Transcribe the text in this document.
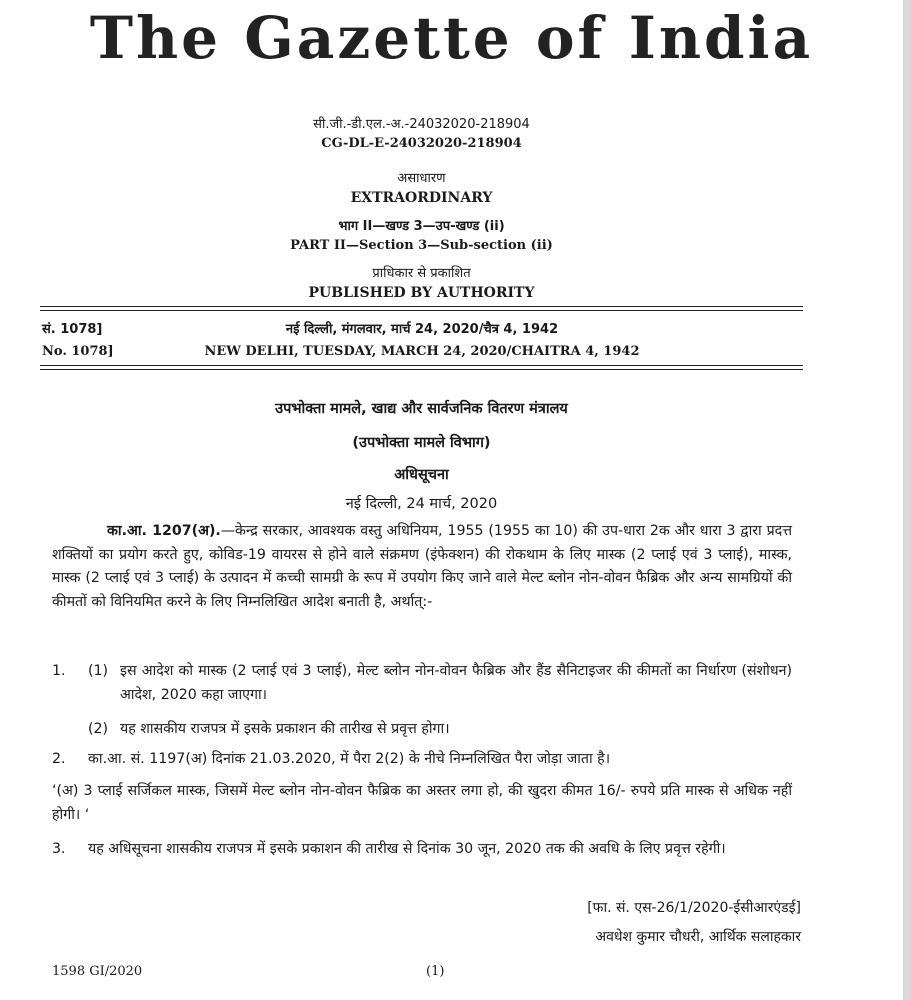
The Gazette of India
सी.जी.-डी.एल.-अ.-24032020-218904
CG-DL-E-24032020-218904
असाधारण
EXTRAORDINARY
भाग II—खण्ड 3—उप-खण्ड (ii)
PART II—Section 3—Sub-section (ii)
प्राधिकार से प्रकाशित
PUBLISHED BY AUTHORITY
सं. 1078]	नई दिल्ली, मंगलवार, मार्च 24, 2020/चैत्र 4, 1942
No. 1078]	NEW DELHI, TUESDAY, MARCH 24, 2020/CHAITRA 4, 1942
उपभोक्ता मामले, खाद्य और सार्वजनिक वितरण मंत्रालय
(उपभोक्ता मामले विभाग)
अधिसूचना
नई दिल्ली, 24 मार्च, 2020
का.आ. 1207(अ).—केन्द्र सरकार, आवश्यक वस्तु अधिनियम, 1955 (1955 का 10) की उप-धारा 2क और धारा 3 द्वारा प्रदत्त शक्तियों का प्रयोग करते हुए, कोविड-19 वायरस से होने वाले संक्रमण (इंफेक्शन) की रोकथाम के लिए मास्क (2 प्लाई एवं 3 प्लाई), मास्क, मास्क (2 प्लाई एवं 3 प्लाई) के उत्पादन में कच्ची सामग्री के रूप में उपयोग किए जाने वाले मेल्ट ब्लोन नोन-वोवन फैब्रिक और अन्य सामग्रियों की कीमतों को विनियमित करने के लिए निम्नलिखित आदेश बनाती है, अर्थात्:-
1. (1) इस आदेश को मास्क (2 प्लाई एवं 3 प्लाई), मेल्ट ब्लोन नोन-वोवन फैब्रिक और हैंड सैनिटाइजर की कीमतों का निर्धारण (संशोधन) आदेश, 2020 कहा जाएगा।
(2) यह शासकीय राजपत्र में इसके प्रकाशन की तारीख से प्रवृत्त होगा।
2. का.आ. सं. 1197(अ) दिनांक 21.03.2020, में पैरा 2(2) के नीचे निम्नलिखित पैरा जोड़ा जाता है।
‘(अ) 3 प्लाई सर्जिकल मास्क, जिसमें मेल्ट ब्लोन नोन-वोवन फैब्रिक का अस्तर लगा हो, की खुदरा कीमत 16/- रुपये प्रति मास्क से अधिक नहीं होगी। ‘
3.	यह अधिसूचना शासकीय राजपत्र में इसके प्रकाशन की तारीख से दिनांक 30 जून, 2020 तक की अवधि के लिए प्रवृत्त रहेगी।
[फा. सं. एस-26/1/2020-ईसीआरएंडई]
अवधेश कुमार चौधरी, आर्थिक सलाहकार
1598 GI/2020	(1)
